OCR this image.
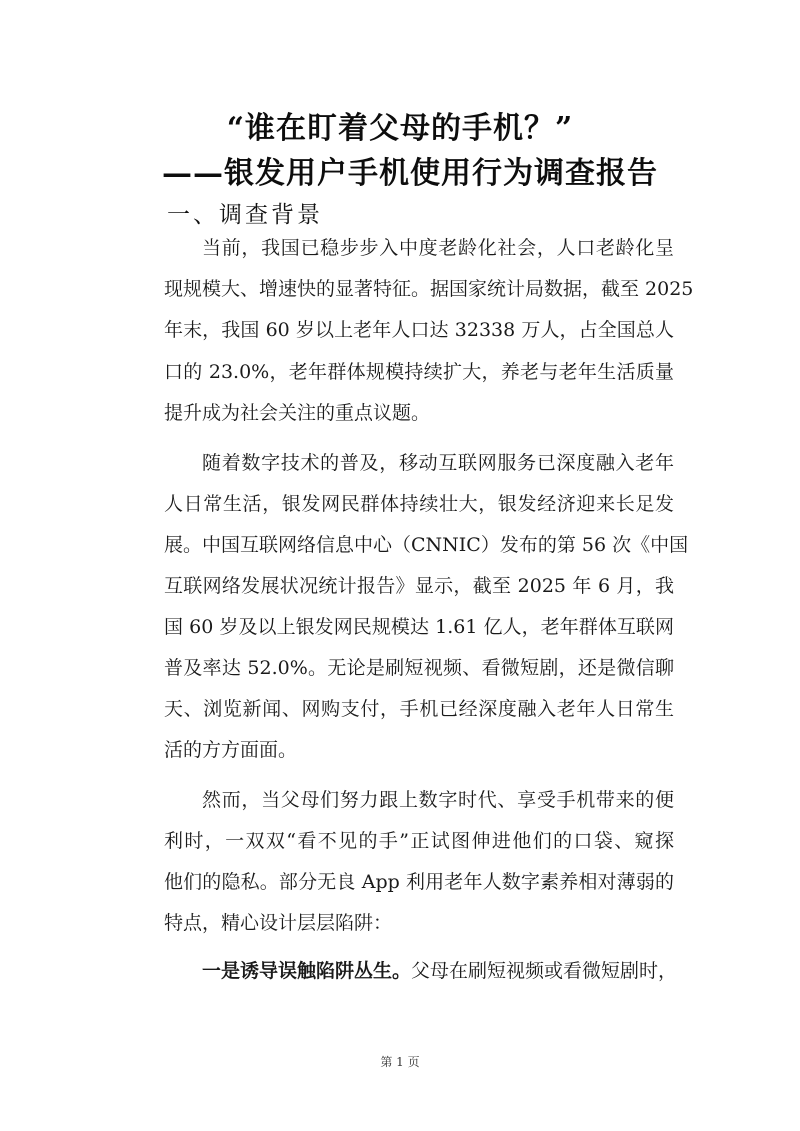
“谁在盯着父母的手机？”
——银发用户手机使用行为调查报告
一、调查背景
当前，我国已稳步步入中度老龄化社会，人口老龄化呈
现规模大、增速快的显著特征。据国家统计局数据，截至 2025
年末，我国 60 岁以上老年人口达 32338 万人，占全国总人
口的 23.0%，老年群体规模持续扩大，养老与老年生活质量
提升成为社会关注的重点议题。
随着数字技术的普及，移动互联网服务已深度融入老年
人日常生活，银发网民群体持续壮大，银发经济迎来长足发
展。中国互联网络信息中心（CNNIC）发布的第 56 次《中国
互联网络发展状况统计报告》显示，截至 2025 年 6 月，我
国 60 岁及以上银发网民规模达 1.61 亿人，老年群体互联网
普及率达 52.0%。无论是刷短视频、看微短剧，还是微信聊
天、浏览新闻、网购支付，手机已经深度融入老年人日常生
活的方方面面。
然而，当父母们努力跟上数字时代、享受手机带来的便
利时，一双双“看不见的手”正试图伸进他们的口袋、窥探
他们的隐私。部分无良 App 利用老年人数字素养相对薄弱的
特点，精心设计层层陷阱：
一是诱导误触陷阱丛生。父母在刷短视频或看微短剧时，
第 1 页
